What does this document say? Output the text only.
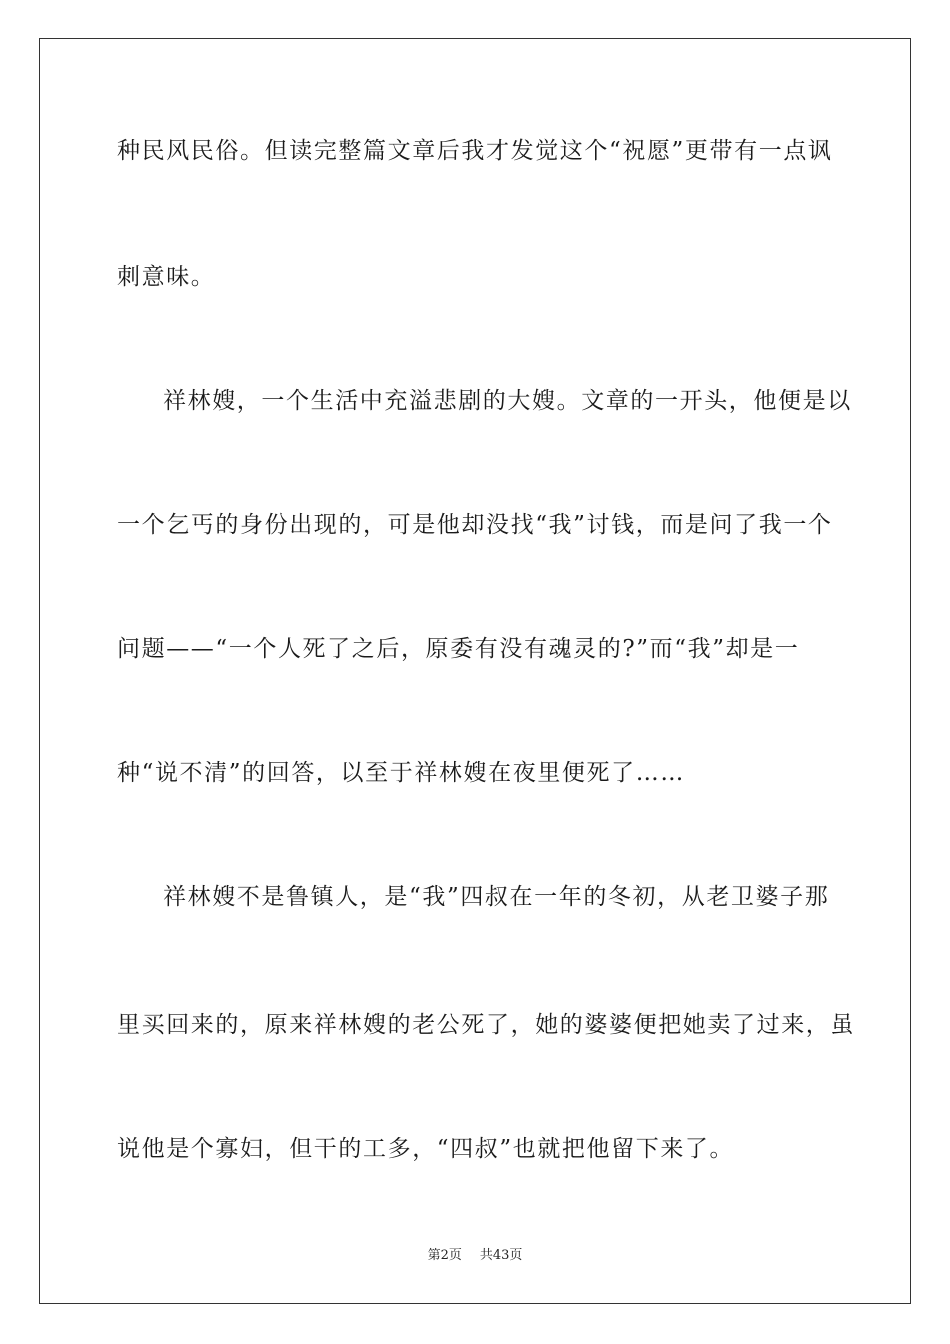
种民风民俗。但读完整篇文章后我才发觉这个“祝愿”更带有一点讽
刺意味。
祥林嫂，一个生活中充溢悲剧的大嫂。文章的一开头，他便是以
一个乞丐的身份出现的，可是他却没找“我”讨钱，而是问了我一个
问题——“一个人死了之后，原委有没有魂灵的?”而“我”却是一
种“说不清”的回答，以至于祥林嫂在夜里便死了……
祥林嫂不是鲁镇人，是“我”四叔在一年的冬初，从老卫婆子那
里买回来的，原来祥林嫂的老公死了，她的婆婆便把她卖了过来，虽
说他是个寡妇，但干的工多，“四叔”也就把他留下来了。
第2页 共43页
